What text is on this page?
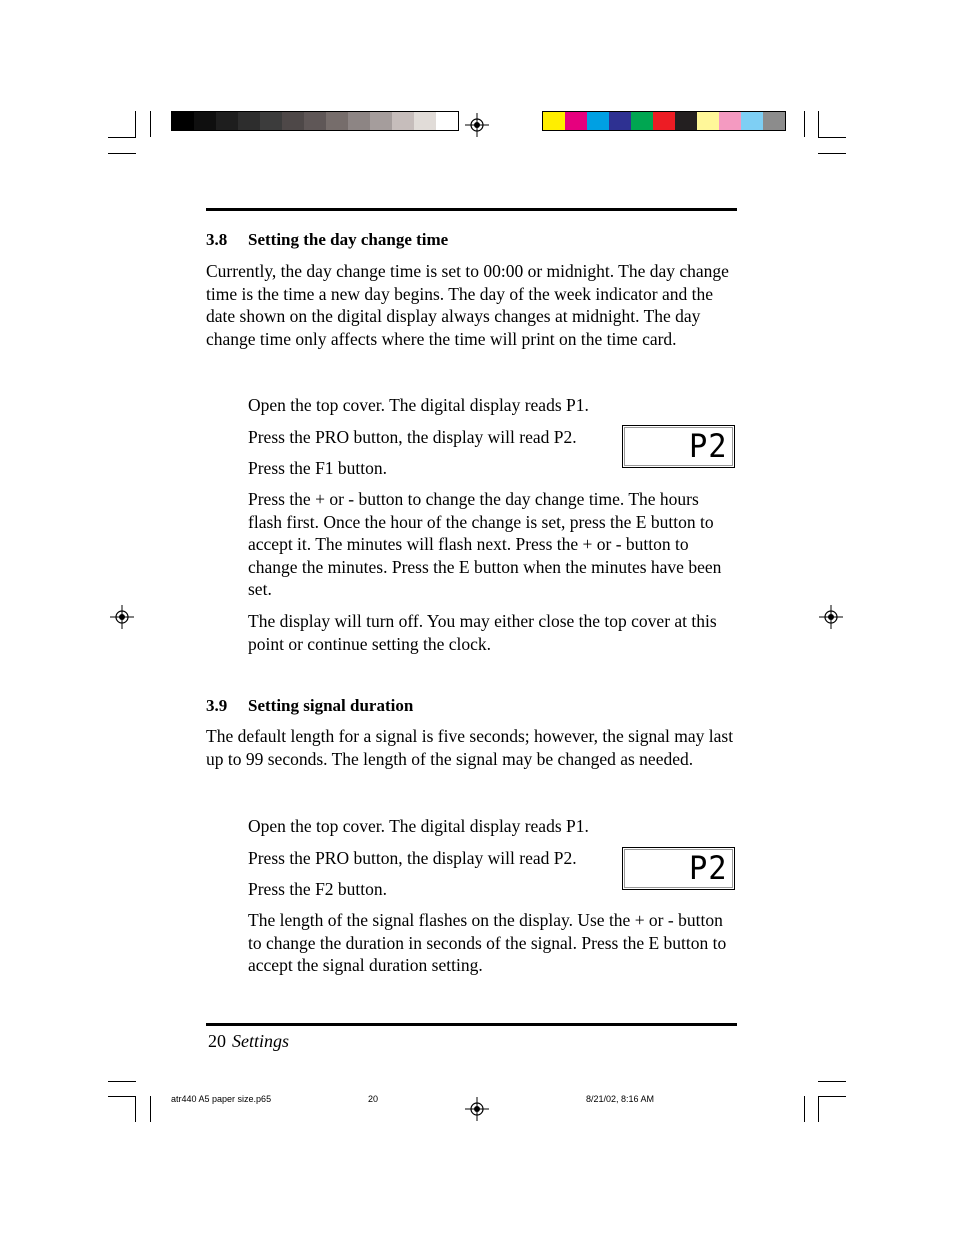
3.8 Setting the day change time

Currently, the day change time is set to 00:00 or midnight. The day change time is the time a new day begins. The day of the week indicator and the date shown on the digital display always changes at midnight. The day change time only affects where the time will print on the time card.

Open the top cover. The digital display reads P1.

Press the PRO button, the display will read P2.

Press the F1 button.

Press the + or - button to change the day change time. The hours flash first. Once the hour of the change is set, press the E button to accept it. The minutes will flash next. Press the + or - button to change the minutes. Press the E button when the minutes have been set.

The display will turn off. You may either close the top cover at this point or continue setting the clock.

P2
3.9 Setting signal duration

The default length for a signal is five seconds; however, the signal may last up to 99 seconds. The length of the signal may be changed as needed.

Open the top cover. The digital display reads P1.

Press the PRO button, the display will read P2.

Press the F2 button.

The length of the signal flashes on the display. Use the + or - button to change the duration in seconds of the signal. Press the E button to accept the signal duration setting.

P2
20 Settings
atr440 A5 paper size.p65	20	8/21/02, 8:16 AM
